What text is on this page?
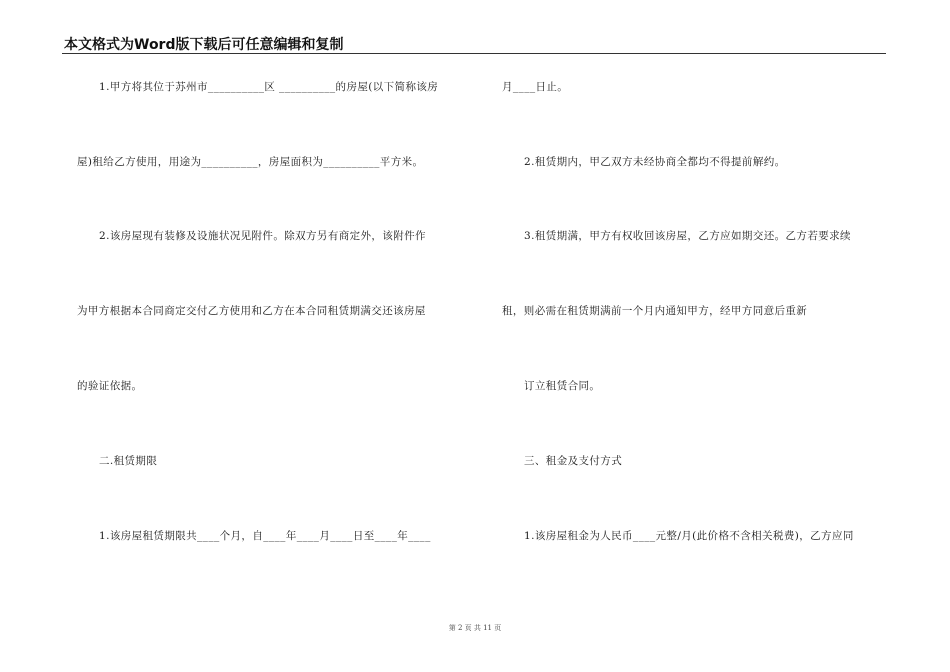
本文格式为Word版下载后可任意编辑和复制
1.甲方将其位于苏州市__________区 __________的房屋(以下简称该房
屋)租给乙方使用，用途为__________，房屋面积为__________平方米。
2.该房屋现有装修及设施状况见附件。除双方另有商定外，该附件作
为甲方根据本合同商定交付乙方使用和乙方在本合同租赁期满交还该房屋
的验证依据。
二.租赁期限
1.该房屋租赁期限共____个月，自____年____月____日至____年____
月____日止。
2.租赁期内，甲乙双方未经协商全都均不得提前解约。
3.租赁期满，甲方有权收回该房屋，乙方应如期交还。乙方若要求续
租，则必需在租赁期满前一个月内通知甲方，经甲方同意后重新
订立租赁合同。
三、租金及支付方式
1.该房屋租金为人民币____元整/月(此价格不含相关税费)，乙方应同
第 2 页 共 11 页
